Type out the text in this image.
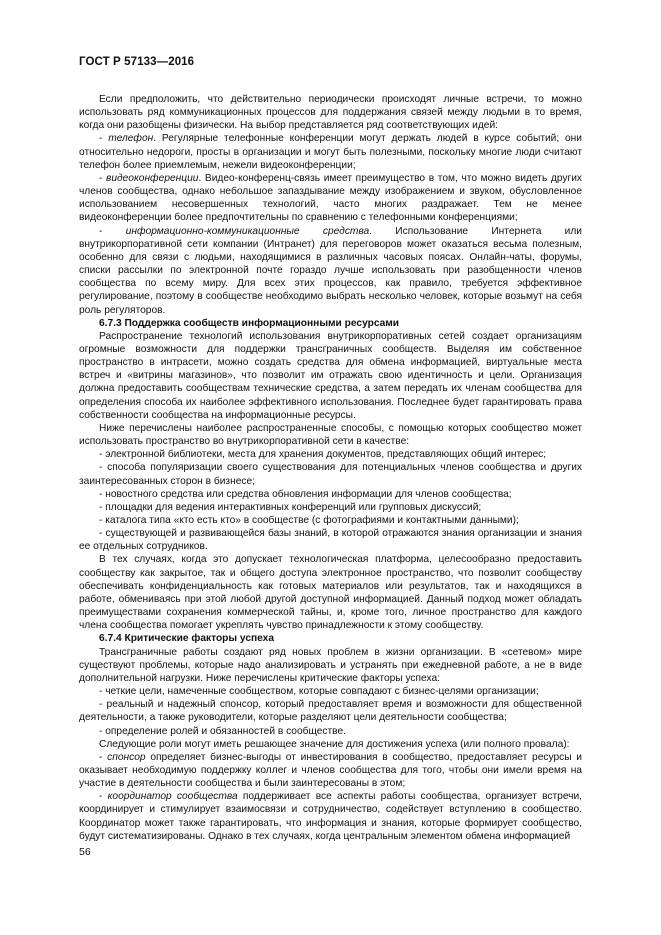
ГОСТ Р 57133—2016

Если предположить, что действительно периодически происходят личные встречи, то можно использовать ряд коммуникационных процессов для поддержания связей между людьми в то время, когда они разобщены физически. На выбор представляется ряд соответствующих идей:

- телефон. Регулярные телефонные конференции могут держать людей в курсе событий; они относительно недороги, просты в организации и могут быть полезными, поскольку многие люди считают телефон более приемлемым, нежели видеоконференции;

- видеоконференции. Видео-конференц-связь имеет преимущество в том, что можно видеть других членов сообщества, однако небольшое запаздывание между изображением и звуком, обусловленное использованием несовершенных технологий, часто многих раздражает. Тем не менее видеоконференции более предпочтительны по сравнению с телефонными конференциями;

- информационно-коммуникационные средства. Использование Интернета или внутрикорпоративной сети компании (Интранет) для переговоров может оказаться весьма полезным, особенно для связи с людьми, находящимися в различных часовых поясах. Онлайн-чаты, форумы, списки рассылки по электронной почте гораздо лучше использовать при разобщенности членов сообщества по всему миру. Для всех этих процессов, как правило, требуется эффективное регулирование, поэтому в сообществе необходимо выбрать несколько человек, которые возьмут на себя роль регуляторов.

6.7.3 Поддержка сообществ информационными ресурсами

Распространение технологий использования внутрикорпоративных сетей создает организациям огромные возможности для поддержки трансграничных сообществ. Выделяя им собственное пространство в интрасети, можно создать средства для обмена информацией, виртуальные места встреч и «витрины магазинов», что позволит им отражать свою идентичность и цели. Организация должна предоставить сообществам технические средства, а затем передать их членам сообщества для определения способа их наиболее эффективного использования. Последнее будет гарантировать права собственности сообщества на информационные ресурсы.

Ниже перечислены наиболее распространенные способы, с помощью которых сообщество может использовать пространство во внутрикорпоративной сети в качестве:

- электронной библиотеки, места для хранения документов, представляющих общий интерес;

- способа популяризации своего существования для потенциальных членов сообщества и других заинтересованных сторон в бизнесе;

- новостного средства или средства обновления информации для членов сообщества;

- площадки для ведения интерактивных конференций или групповых дискуссий;

- каталога типа «кто есть кто» в сообществе (с фотографиями и контактными данными);

- существующей и развивающейся базы знаний, в которой отражаются знания организации и знания ее отдельных сотрудников.

В тех случаях, когда это допускает технологическая платформа, целесообразно предоставить сообществу как закрытое, так и общего доступа электронное пространство, что позволит сообществу обеспечивать конфиденциальность как готовых материалов или результатов, так и находящихся в работе, обмениваясь при этой любой другой доступной информацией. Данный подход может обладать преимуществами сохранения коммерческой тайны, и, кроме того, личное пространство для каждого члена сообщества помогает укреплять чувство принадлежности к этому сообществу.

6.7.4 Критические факторы успеха

Трансграничные работы создают ряд новых проблем в жизни организации. В «сетевом» мире существуют проблемы, которые надо анализировать и устранять при ежедневной работе, а не в виде дополнительной нагрузки. Ниже перечислены критические факторы успеха:

- четкие цели, намеченные сообществом, которые совпадают с бизнес-целями организации;

- реальный и надежный спонсор, который предоставляет время и возможности для общественной деятельности, а также руководители, которые разделяют цели деятельности сообщества;

- определение ролей и обязанностей в сообществе.

Следующие роли могут иметь решающее значение для достижения успеха (или полного провала):

- спонсор определяет бизнес-выгоды от инвестирования в сообщество, предоставляет ресурсы и оказывает необходимую поддержку коллег и членов сообщества для того, чтобы они имели время на участие в деятельности сообщества и были заинтересованы в этом;

- координатор сообщества поддерживает все аспекты работы сообщества, организует встречи, координирует и стимулирует взаимосвязи и сотрудничество, содействует вступлению в сообщество. Координатор может также гарантировать, что информация и знания, которые формирует сообщество, будут систематизированы. Однако в тех случаях, когда центральным элементом обмена информацией

56
